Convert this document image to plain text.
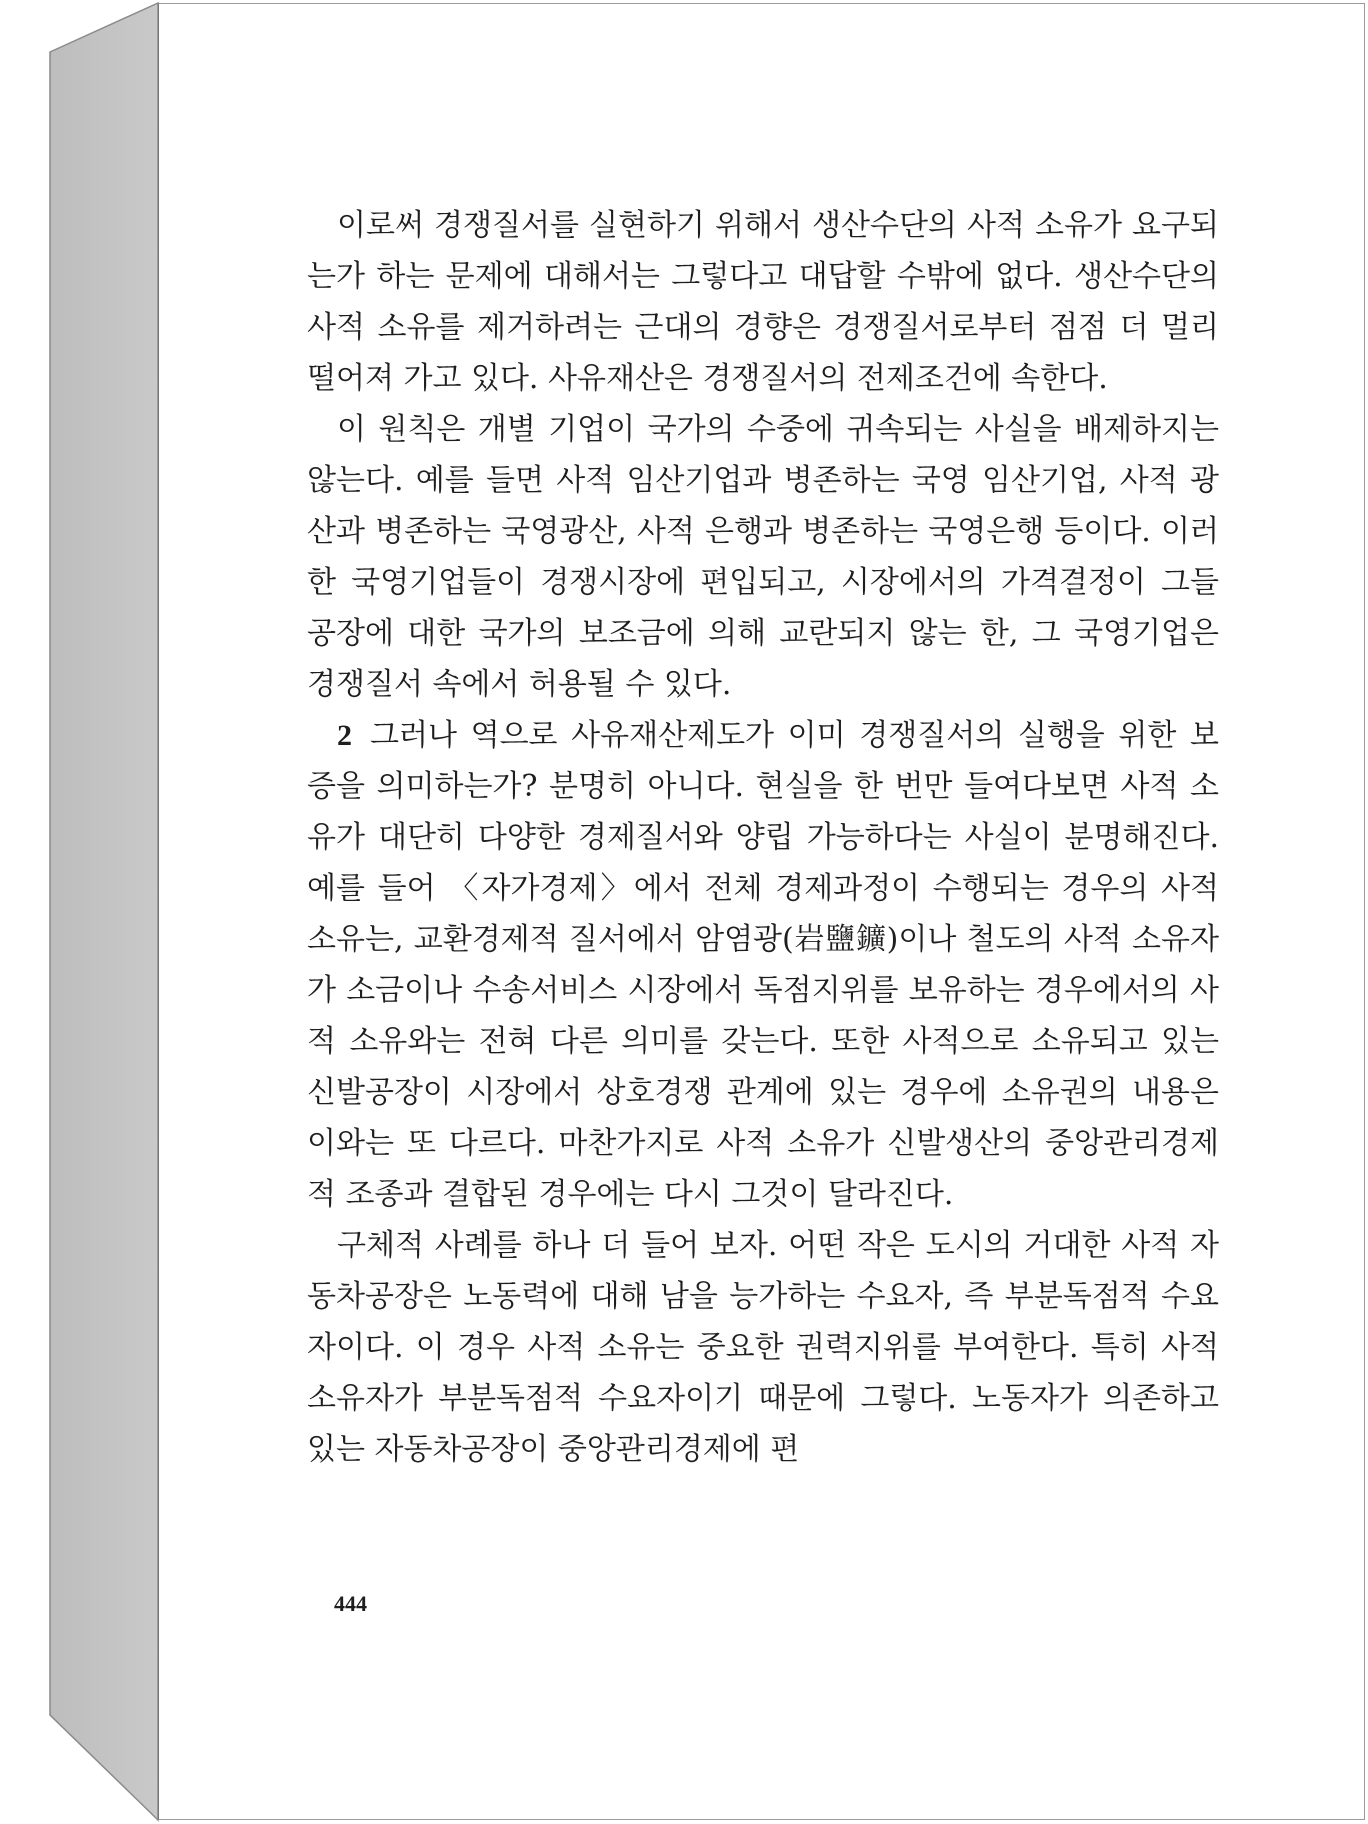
이로써 경쟁질서를 실현하기 위해서 생산수단의 사적 소유가 요구되는가 하는 문제에 대해서는 그렇다고 대답할 수밖에 없다. 생산수단의 사적 소유를 제거하려는 근대의 경향은 경쟁질서로부터 점점 더 멀리 떨어져 가고 있다. 사유재산은 경쟁질서의 전제조건에 속한다.

이 원칙은 개별 기업이 국가의 수중에 귀속되는 사실을 배제하지는 않는다. 예를 들면 사적 임산기업과 병존하는 국영 임산기업, 사적 광산과 병존하는 국영광산, 사적 은행과 병존하는 국영은행 등이다. 이러한 국영기업들이 경쟁시장에 편입되고, 시장에서의 가격결정이 그들 공장에 대한 국가의 보조금에 의해 교란되지 않는 한, 그 국영기업은 경쟁질서 속에서 허용될 수 있다.

2 그러나 역으로 사유재산제도가 이미 경쟁질서의 실행을 위한 보증을 의미하는가? 분명히 아니다. 현실을 한 번만 들여다보면 사적 소유가 대단히 다양한 경제질서와 양립 가능하다는 사실이 분명해진다. 예를 들어 〈자가경제〉에서 전체 경제과정이 수행되는 경우의 사적 소유는, 교환경제적 질서에서 암염광(岩鹽鑛)이나 철도의 사적 소유자가 소금이나 수송서비스 시장에서 독점지위를 보유하는 경우에서의 사적 소유와는 전혀 다른 의미를 갖는다. 또한 사적으로 소유되고 있는 신발공장이 시장에서 상호경쟁 관계에 있는 경우에 소유권의 내용은 이와는 또 다르다. 마찬가지로 사적 소유가 신발생산의 중앙관리경제적 조종과 결합된 경우에는 다시 그것이 달라진다.

구체적 사례를 하나 더 들어 보자. 어떤 작은 도시의 거대한 사적 자동차공장은 노동력에 대해 남을 능가하는 수요자, 즉 부분독점적 수요자이다. 이 경우 사적 소유는 중요한 권력지위를 부여한다. 특히 사적 소유자가 부분독점적 수요자이기 때문에 그렇다. 노동자가 의존하고 있는 자동차공장이 중앙관리경제에 편

444
